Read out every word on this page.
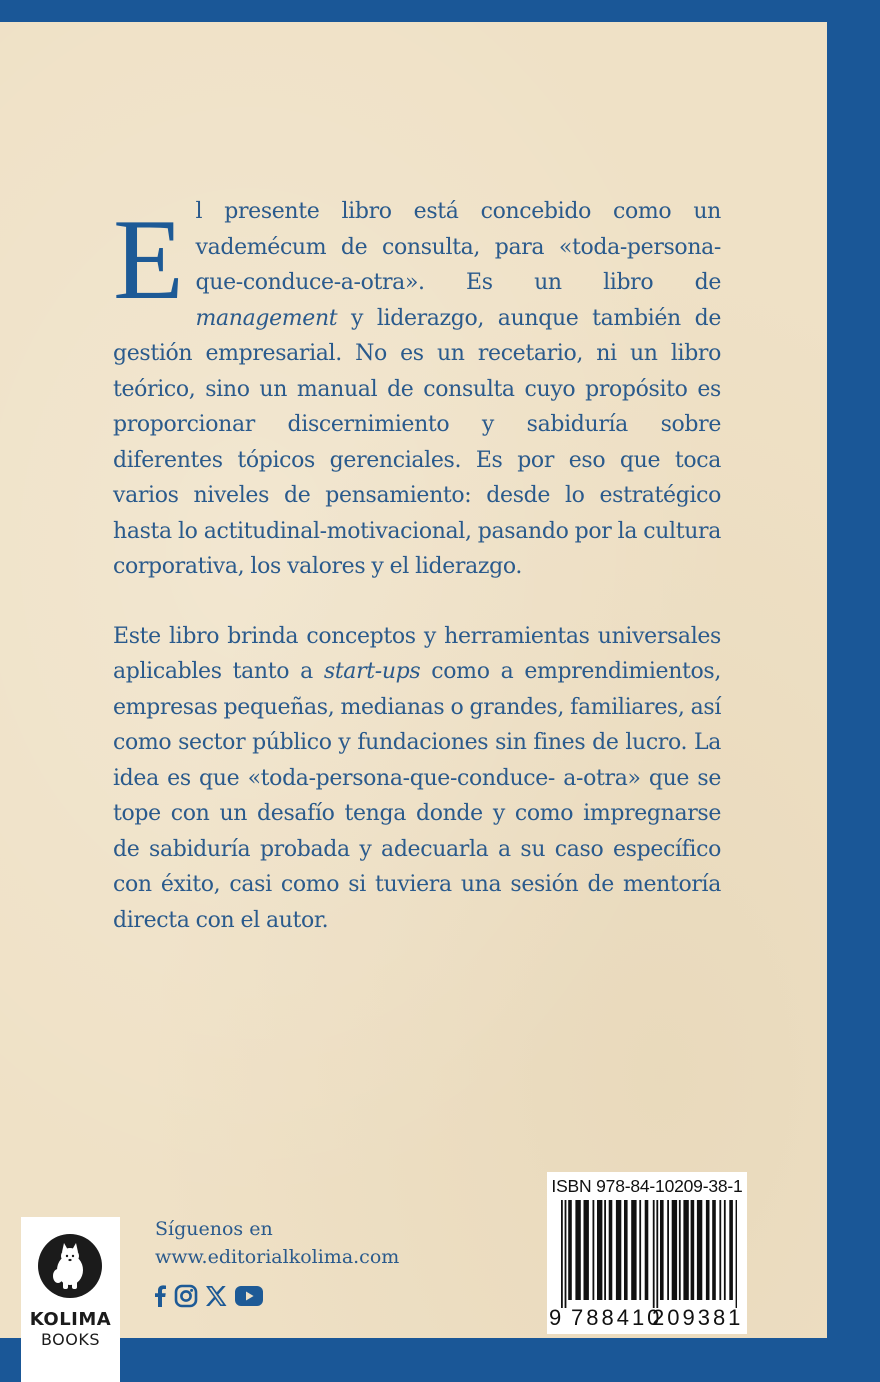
El presente libro está concebido como un vademécum de consulta, para «toda-persona-que-conduce-a-otra». Es un libro de management y liderazgo, aunque también de gestión empresarial. No es un recetario, ni un libro teórico, sino un manual de consulta cuyo propósito es proporcionar discernimiento y sabiduría sobre diferentes tópicos gerenciales. Es por eso que toca varios niveles de pensamiento: desde lo estratégico hasta lo actitudinal-motivacional, pasando por la cultura corporativa, los valores y el liderazgo.

Este libro brinda conceptos y herramientas universales aplicables tanto a start-ups como a emprendimientos, empresas pequeñas, medianas o grandes, familiares, así como sector público y fundaciones sin fines de lucro. La idea es que «toda-persona-que-conduce- a-otra» que se tope con un desafío tenga donde y como impregnarse de sabiduría probada y adecuarla a su caso específico con éxito, casi como si tuviera una sesión de mentoría directa con el autor.

Síguenos en
www.editorialkolima.com
KOLIMA
BOOKS
ISBN 978-84-10209-38-1
9 788410
209381
